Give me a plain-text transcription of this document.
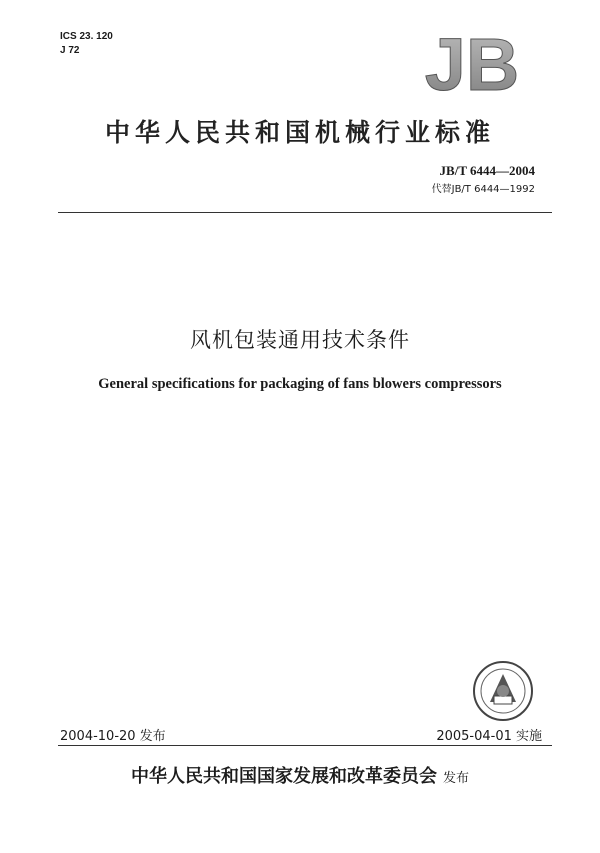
ICS 23. 120
J 72	JB
中华人民共和国机械行业标准
JB/T 6444—2004
代替JB/T 6444—1992
风机包装通用技术条件
General specifications for packaging of fans blowers compressors
2004-10-20 发布	2005-04-01 实施
中华人民共和国国家发展和改革委员会 发布
